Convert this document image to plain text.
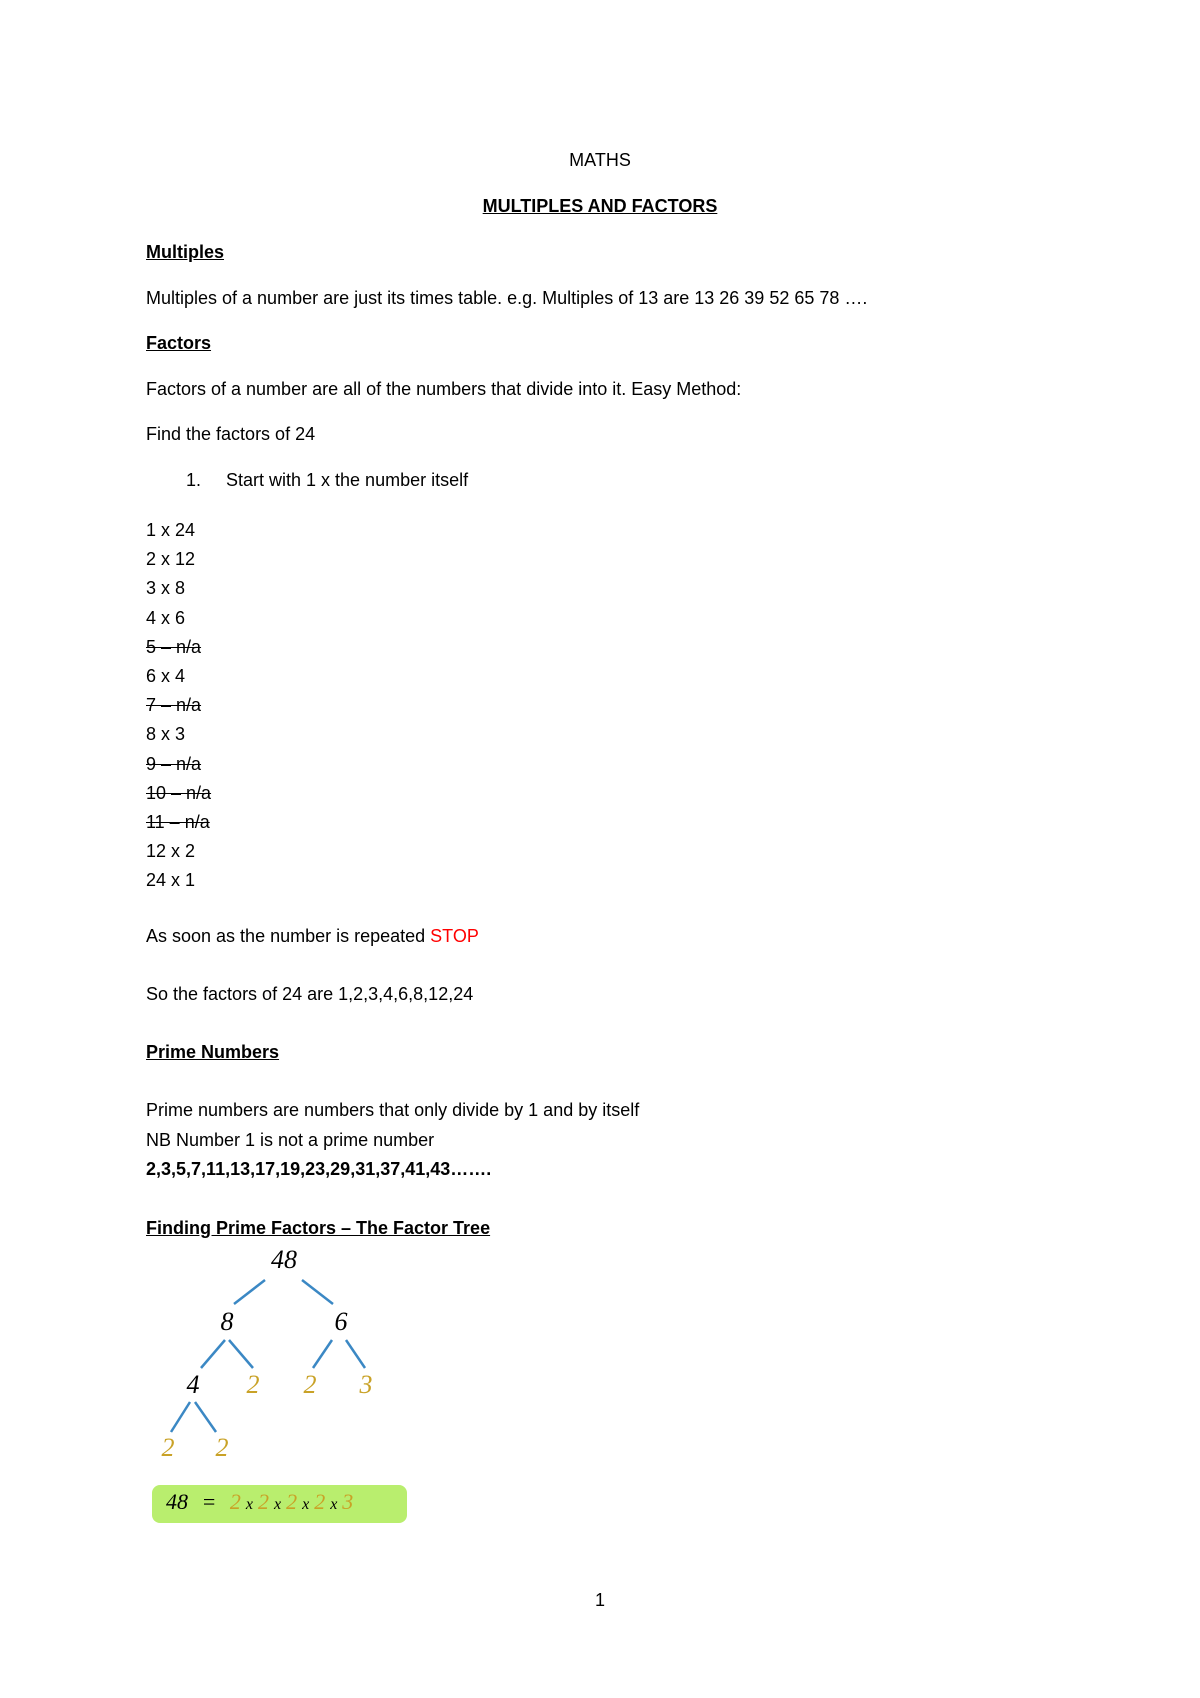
MATHS
MULTIPLES AND FACTORS
Multiples
Multiples of a number are just its times table. e.g. Multiples of 13 are 13 26 39 52 65 78 ….
Factors
Factors of a number are all of the numbers that divide into it. Easy Method:
Find the factors of 24
1. Start with 1 x the number itself
1 x 24
2 x 12
3 x 8
4 x 6
5 – n/a
6 x 4
7 – n/a
8 x 3
9 – n/a
10 – n/a
11 – n/a
12 x 2
24 x 1
As soon as the number is repeated STOP
So the factors of 24 are 1,2,3,4,6,8,12,24
Prime Numbers
Prime numbers are numbers that only divide by 1 and by itself
NB Number 1 is not a prime number
2,3,5,7,11,13,17,19,23,29,31,37,41,43…….
Finding Prime Factors – The Factor Tree
48
8	6
4 2 2 3
2 2
48 = 2 x 2 x 2 x 2 x 3
1
